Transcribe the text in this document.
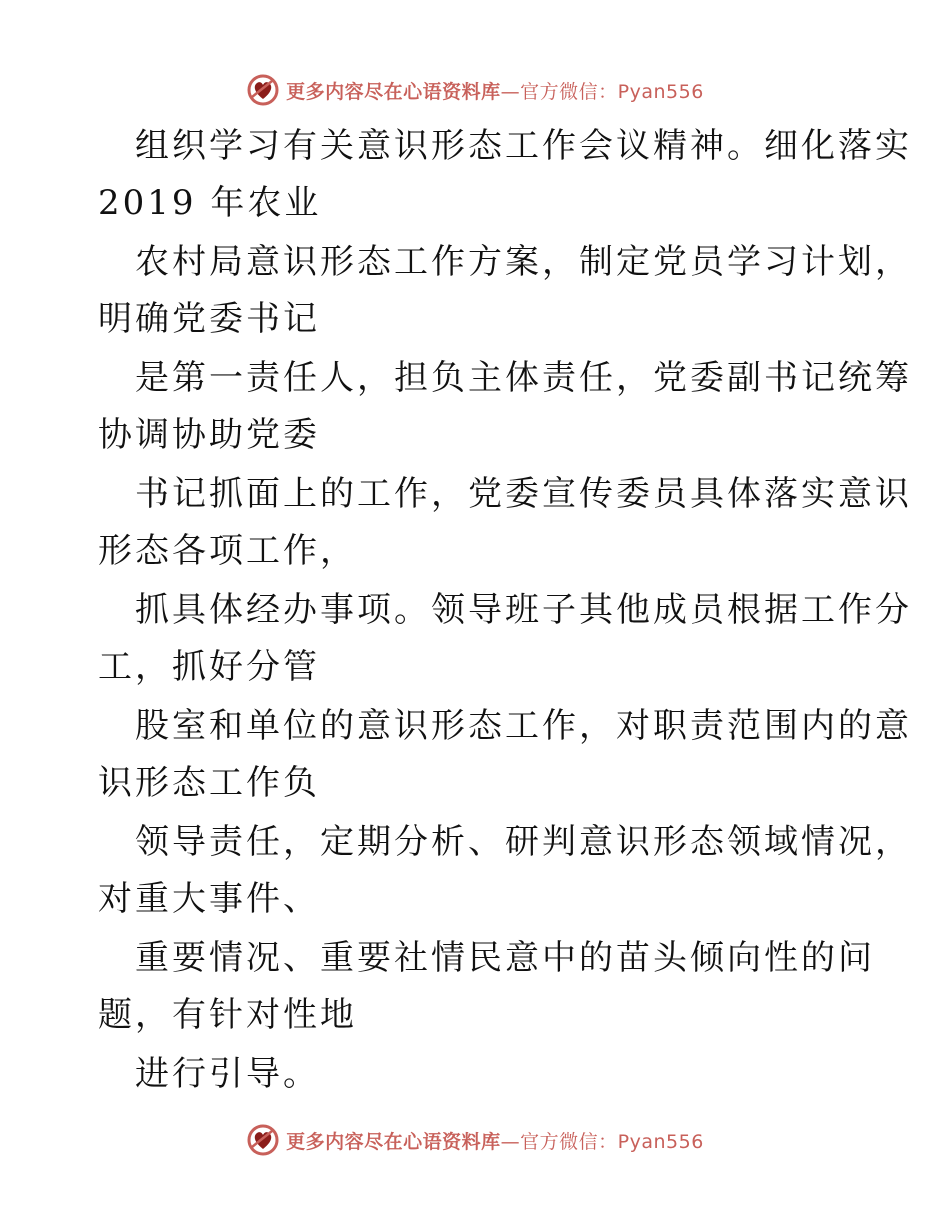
更多内容尽在心语资料库—官方微信：Pyan556
组织学习有关意识形态工作会议精神。细化落实
2019 年农业
农村局意识形态工作方案，制定党员学习计划，
明确党委书记
是第一责任人，担负主体责任，党委副书记统筹
协调协助党委
书记抓面上的工作，党委宣传委员具体落实意识
形态各项工作，
抓具体经办事项。领导班子其他成员根据工作分
工，抓好分管
股室和单位的意识形态工作，对职责范围内的意
识形态工作负
领导责任，定期分析、研判意识形态领域情况，
对重大事件、
重要情况、重要社情民意中的苗头倾向性的问
题，有针对性地
进行引导。
更多内容尽在心语资料库—官方微信：Pyan556
